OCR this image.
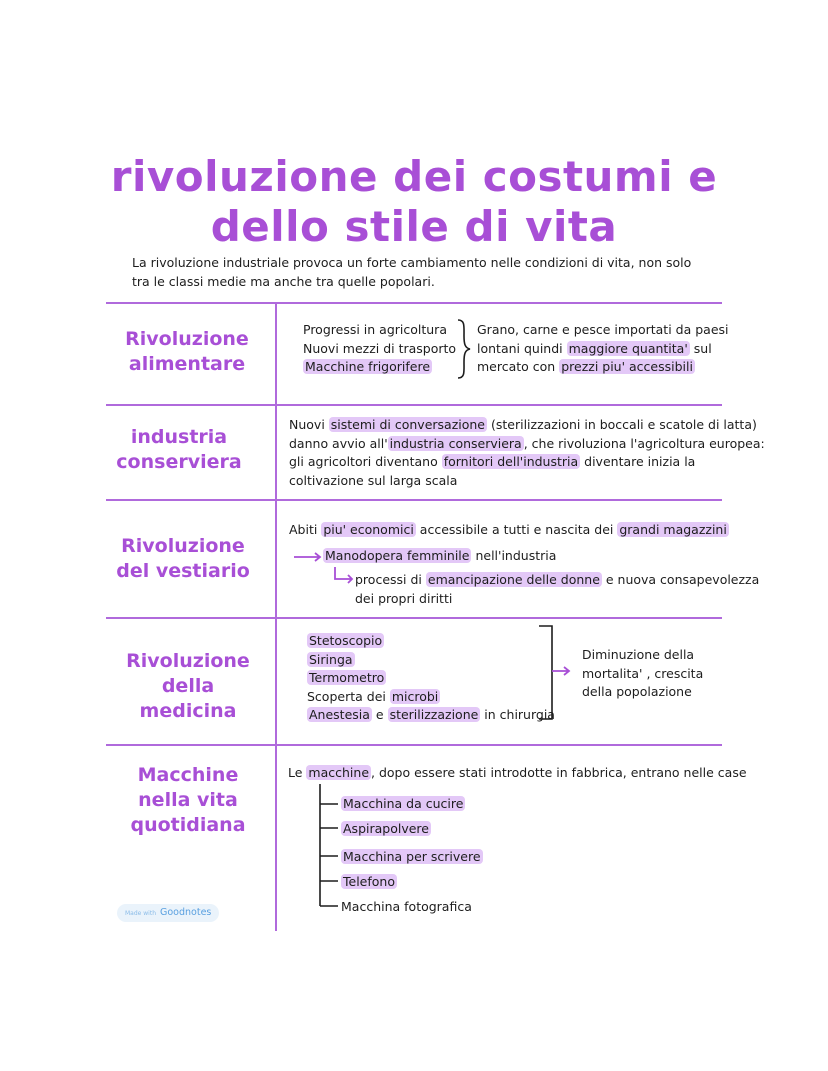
rivoluzione dei costumi e
dello stile di vita
La rivoluzione industriale provoca un forte cambiamento nelle condizioni di vita, non solo tra le classi medie ma anche tra quelle popolari.
Rivoluzione
alimentare
Progressi in agricoltura
Nuovi mezzi di trasporto
Macchine frigorifere
Grano, carne e pesce importati da paesi
lontani quindi maggiore quantita' sul
mercato con prezzi piu' accessibili
industria
conserviera
Nuovi sistemi di conversazione (sterilizzazioni in boccali e scatole di latta)
danno avvio all' industria conserviera , che rivoluziona l'agricoltura europea:
gli agricoltori diventano fornitori dell'industria diventare inizia la
coltivazione sul larga scala
Rivoluzione
del vestiario
Abiti piu' economici accessibile a tutti e nascita dei grandi magazzini
Manodopera femminile nell'industria
processi di emancipazione delle donne e nuova consapevolezza
dei propri diritti
Rivoluzione
della medicina
Stetoscopio
Siringa
Termometro
Scoperta dei microbi
Anestesia e sterilizzazione in chirurgia
Diminuzione della
mortalita' , crescita
della popolazione
Macchine
nella vita
quotidiana
Le macchine , dopo essere stati introdotte in fabbrica, entrano nelle case
Macchina da cucire
Aspirapolvere
Macchina per scrivere
Telefono
Macchina fotografica
Made with Goodnotes
